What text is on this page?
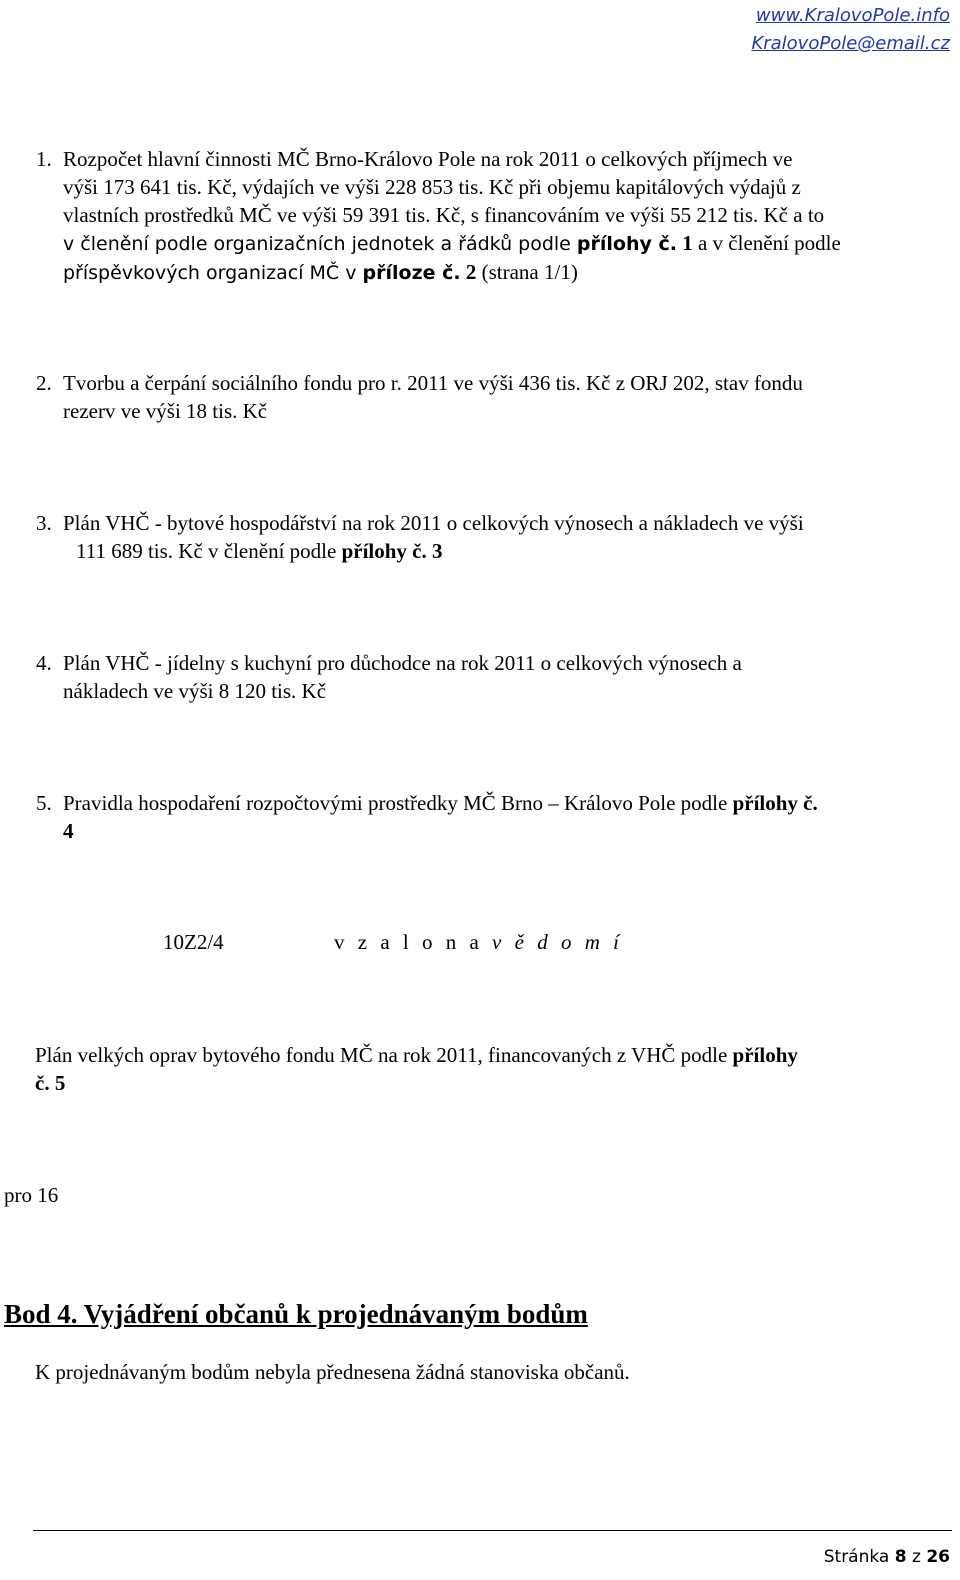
www.KralovoPole.info
KralovoPole@email.cz
1. Rozpočet hlavní činnosti MČ Brno-Královo Pole na rok 2011 o celkových příjmech ve
výši 173 641 tis. Kč, výdajích ve výši 228 853 tis. Kč při objemu kapitálových výdajů z
vlastních prostředků MČ ve výši 59 391 tis. Kč, s financováním ve výši 55 212 tis. Kč a to
v členění podle organizačních jednotek a řádků podle přílohy č. 1 a v členění podle
příspěvkových organizací MČ v příloze č. 2 (strana 1/1)
2. Tvorbu a čerpání sociálního fondu pro r. 2011 ve výši 436 tis. Kč z ORJ 202, stav fondu
rezerv ve výši 18 tis. Kč
3. Plán VHČ - bytové hospodářství na rok 2011 o celkových výnosech a nákladech ve výši
111 689 tis. Kč v členění podle přílohy č. 3
4. Plán VHČ - jídelny s kuchyní pro důchodce na rok 2011 o celkových výnosech a
nákladech ve výši 8 120 tis. Kč
5. Pravidla hospodaření rozpočtovými prostředky MČ Brno – Královo Pole podle přílohy č.
4
10Z2/4	v z a l o n a v ě d o m í
Plán velkých oprav bytového fondu MČ na rok 2011, financovaných z VHČ podle přílohy
č. 5
pro 16
Bod 4. Vyjádření občanů k projednávaným bodům
K projednávaným bodům nebyla přednesena žádná stanoviska občanů.
Stránka 8 z 26
